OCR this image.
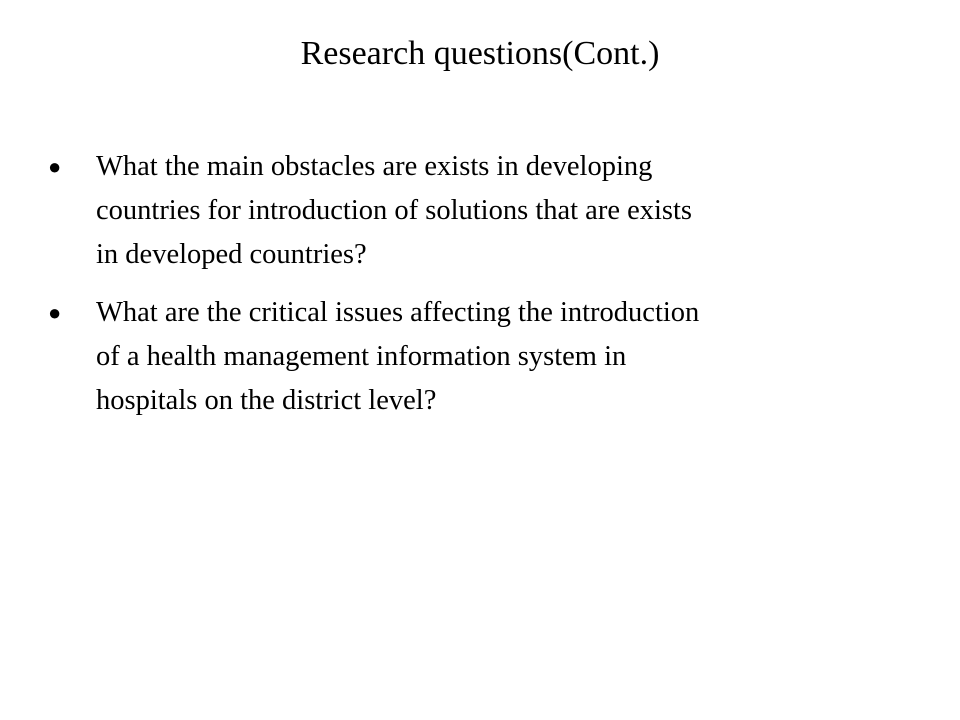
Research questions(Cont.)
●	What the main obstacles are exists in developing
countries for introduction of solutions that are exists
in developed countries?
●	What are the critical issues affecting the introduction
of a health management information system in
hospitals on the district level?
